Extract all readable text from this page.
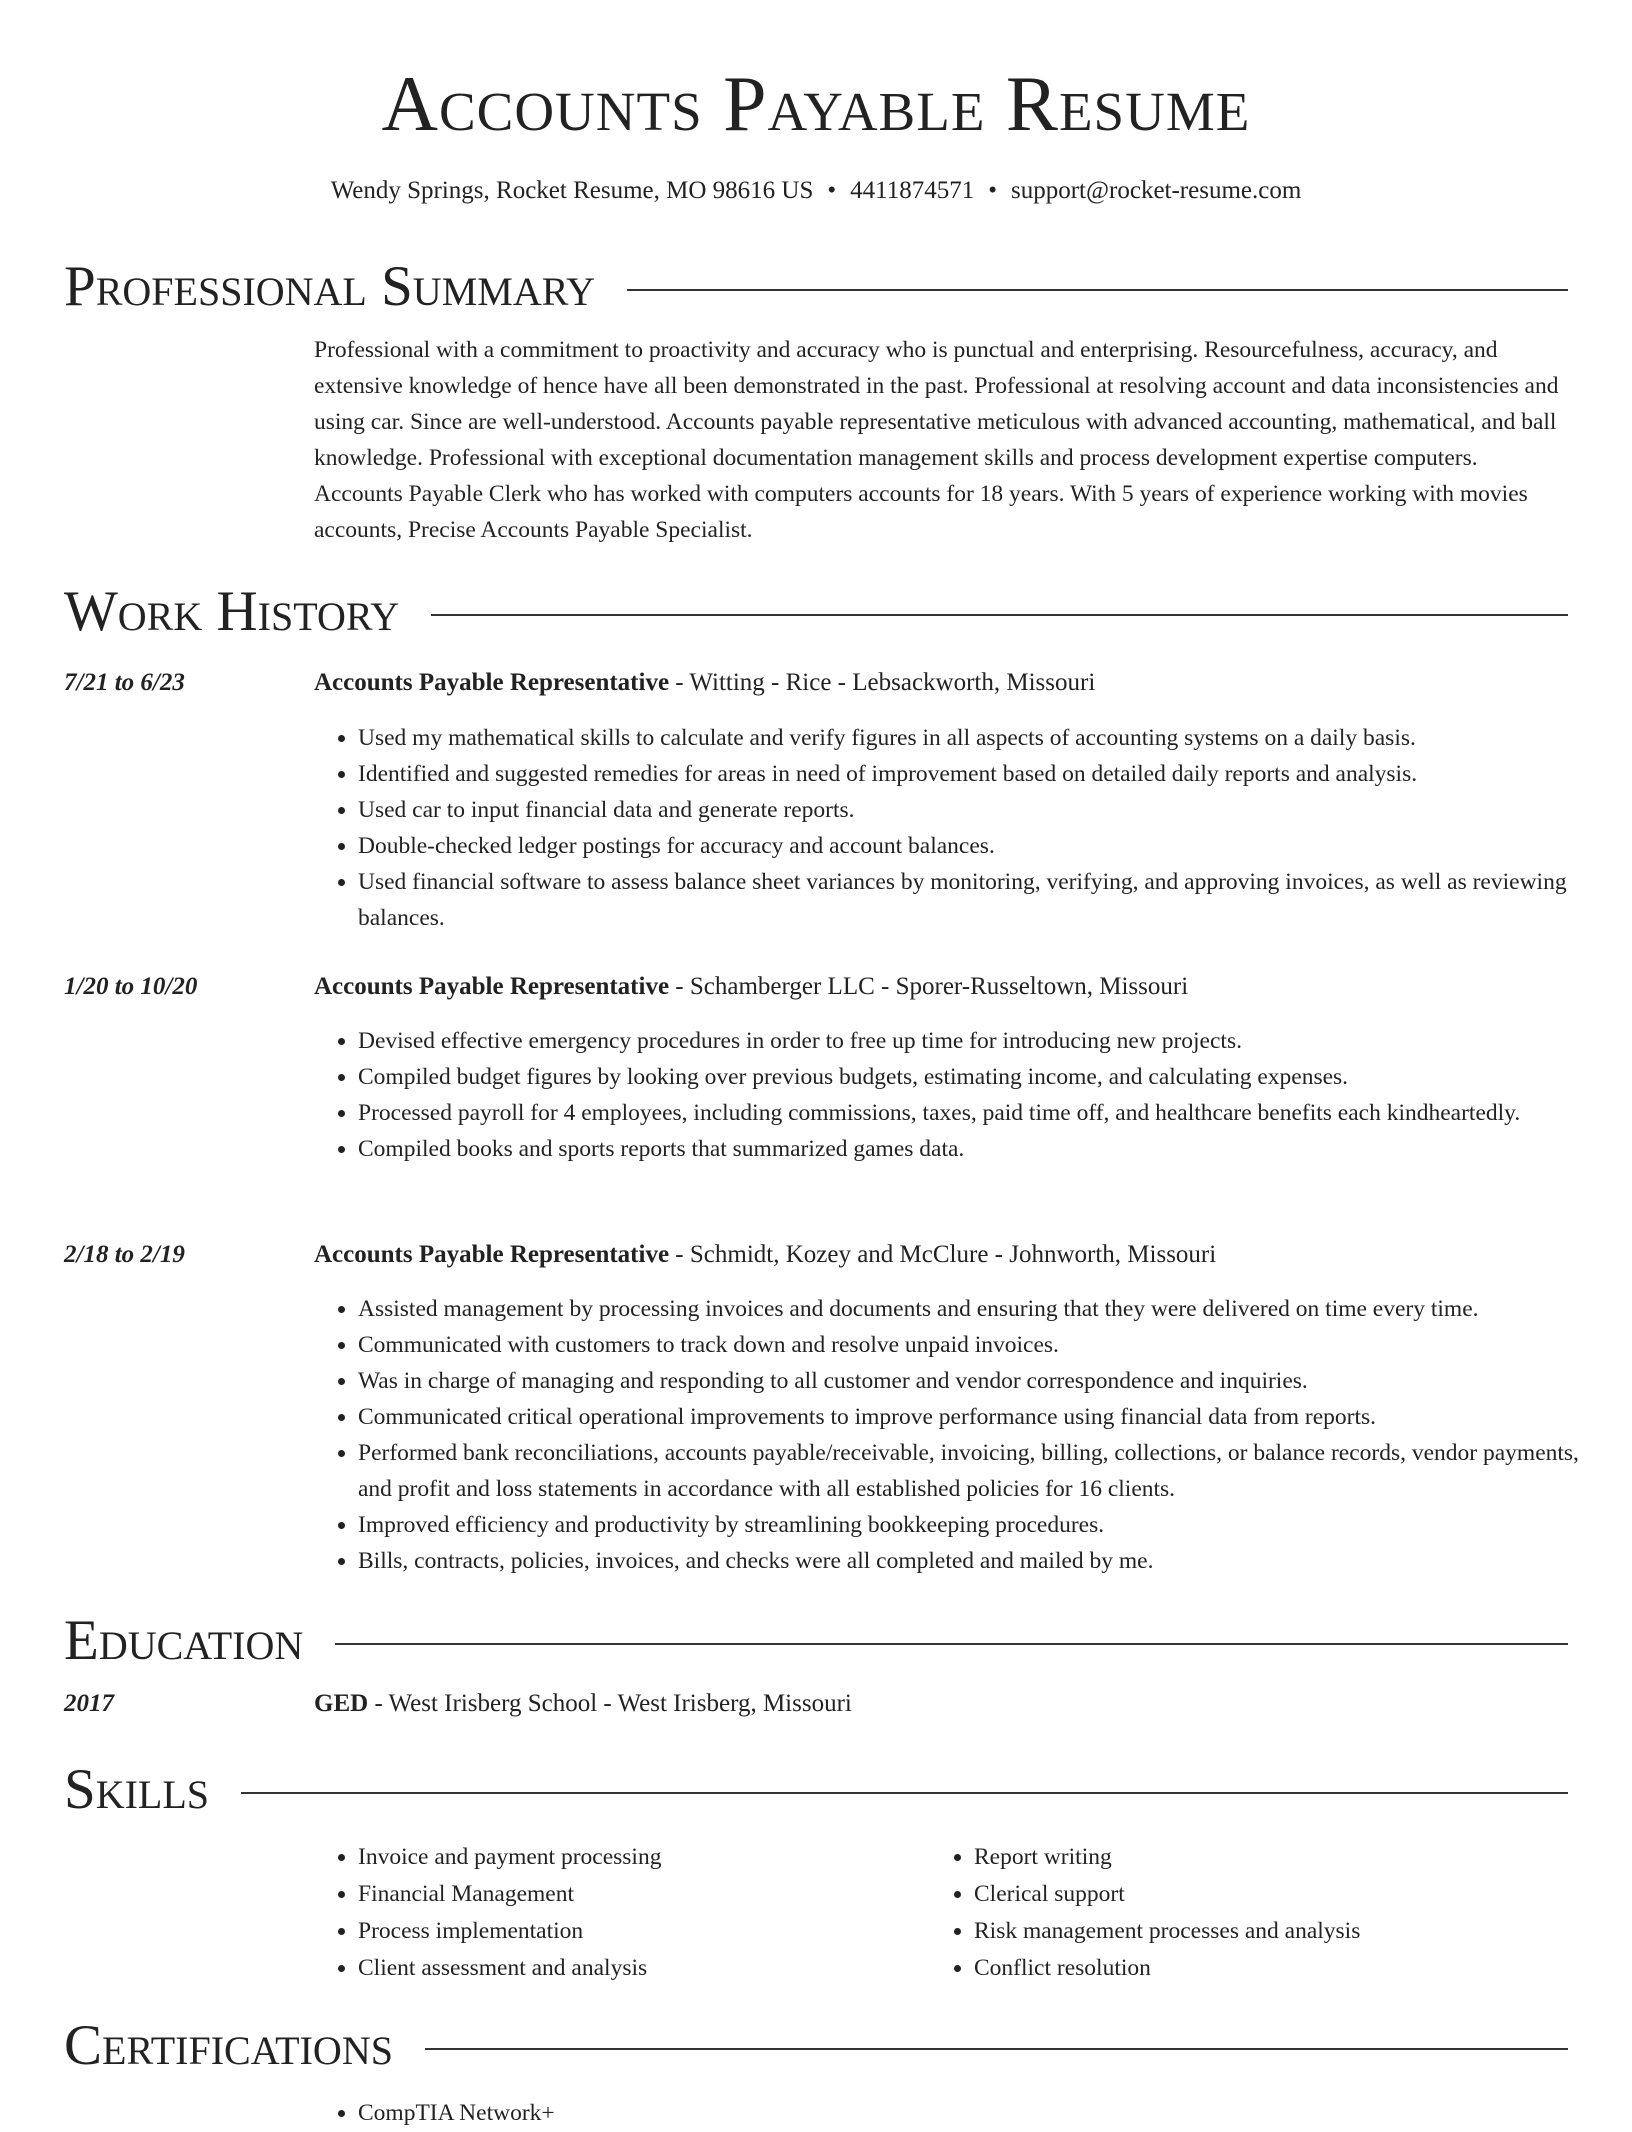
Accounts Payable Resume
Wendy Springs, Rocket Resume, MO 98616 US • 4411874571 • support@rocket-resume.com
Professional Summary
Professional with a commitment to proactivity and accuracy who is punctual and enterprising. Resourcefulness, accuracy, and extensive knowledge of hence have all been demonstrated in the past. Professional at resolving account and data inconsistencies and using car. Since are well-understood. Accounts payable representative meticulous with advanced accounting, mathematical, and ball knowledge. Professional with exceptional documentation management skills and process development expertise computers. Accounts Payable Clerk who has worked with computers accounts for 18 years. With 5 years of experience working with movies accounts, Precise Accounts Payable Specialist.
Work History
7/21 to 6/23	Accounts Payable Representative - Witting - Rice - Lebsackworth, Missouri
• Used my mathematical skills to calculate and verify figures in all aspects of accounting systems on a daily basis.
• Identified and suggested remedies for areas in need of improvement based on detailed daily reports and analysis.
• Used car to input financial data and generate reports.
• Double-checked ledger postings for accuracy and account balances.
• Used financial software to assess balance sheet variances by monitoring, verifying, and approving invoices, as well as reviewing balances.
1/20 to 10/20	Accounts Payable Representative - Schamberger LLC - Sporer-Russeltown, Missouri
• Devised effective emergency procedures in order to free up time for introducing new projects.
• Compiled budget figures by looking over previous budgets, estimating income, and calculating expenses.
• Processed payroll for 4 employees, including commissions, taxes, paid time off, and healthcare benefits each kindheartedly.
• Compiled books and sports reports that summarized games data.
2/18 to 2/19	Accounts Payable Representative - Schmidt, Kozey and McClure - Johnworth, Missouri
• Assisted management by processing invoices and documents and ensuring that they were delivered on time every time.
• Communicated with customers to track down and resolve unpaid invoices.
• Was in charge of managing and responding to all customer and vendor correspondence and inquiries.
• Communicated critical operational improvements to improve performance using financial data from reports.
• Performed bank reconciliations, accounts payable/receivable, invoicing, billing, collections, or balance records, vendor payments, and profit and loss statements in accordance with all established policies for 16 clients.
• Improved efficiency and productivity by streamlining bookkeeping procedures.
• Bills, contracts, policies, invoices, and checks were all completed and mailed by me.
Education
2017	GED - West Irisberg School - West Irisberg, Missouri
Skills
• Invoice and payment processing
• Financial Management
• Process implementation
• Client assessment and analysis
• Report writing
• Clerical support
• Risk management processes and analysis
• Conflict resolution
Certifications
• CompTIA Network+
